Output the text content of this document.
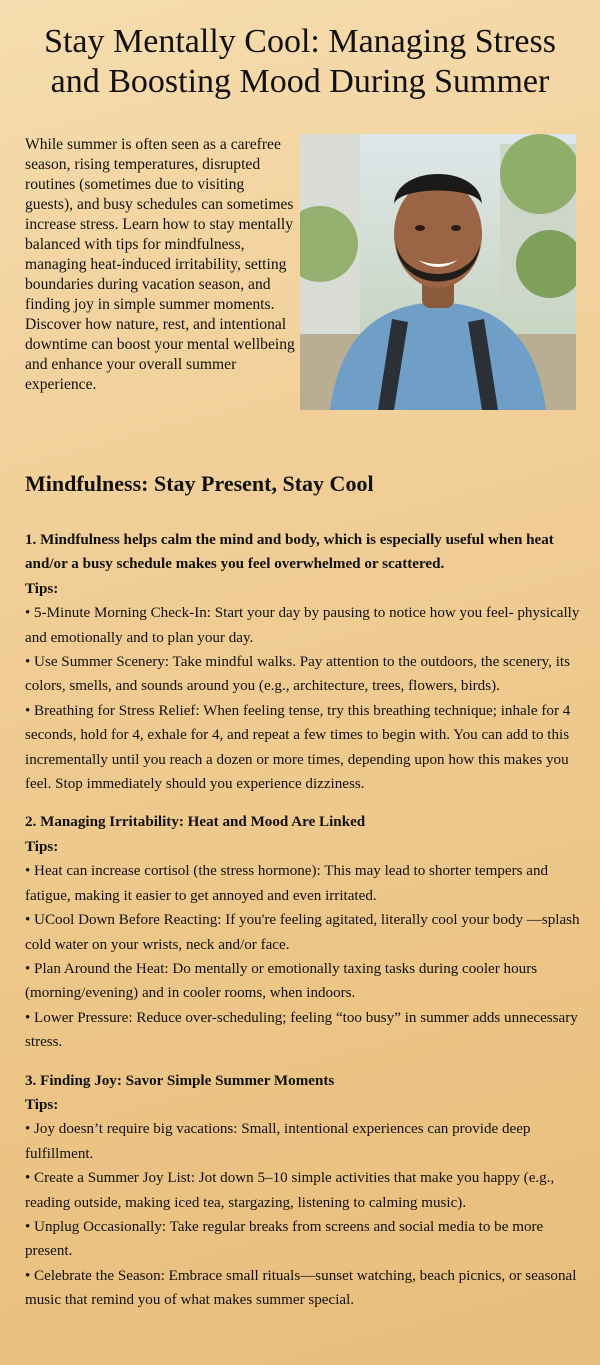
Stay Mentally Cool: Managing Stress and Boosting Mood During Summer

While summer is often seen as a carefree season, rising temperatures, disrupted routines (sometimes due to visiting guests), and busy schedules can sometimes increase stress. Learn how to stay mentally balanced with tips for mindfulness, managing heat-induced irritability, setting boundaries during vacation season, and finding joy in simple summer moments. Discover how nature, rest, and intentional downtime can boost your mental wellbeing and enhance your overall summer experience.

Mindfulness: Stay Present, Stay Cool

1. Mindfulness helps calm the mind and body, which is especially useful when heat and/or a busy schedule makes you feel overwhelmed or scattered.

Tips:

• 5-Minute Morning Check-In: Start your day by pausing to notice how you feel- physically and emotionally and to plan your day.

• Use Summer Scenery: Take mindful walks. Pay attention to the outdoors, the scenery, its colors, smells, and sounds around you (e.g., architecture, trees, flowers, birds).

• Breathing for Stress Relief: When feeling tense, try this breathing technique; inhale for 4 seconds, hold for 4, exhale for 4, and repeat a few times to begin with. You can add to this incrementally until you reach a dozen or more times, depending upon how this makes you feel. Stop immediately should you experience dizziness.

2. Managing Irritability: Heat and Mood Are Linked

Tips:

• Heat can increase cortisol (the stress hormone): This may lead to shorter tempers and fatigue, making it easier to get annoyed and even irritated.

• UCool Down Before Reacting: If you're feeling agitated, literally cool your body —splash cold water on your wrists, neck and/or face.

• Plan Around the Heat: Do mentally or emotionally taxing tasks during cooler hours (morning/evening) and in cooler rooms, when indoors.

• Lower Pressure: Reduce over-scheduling; feeling “too busy” in summer adds unnecessary stress.

3. Finding Joy: Savor Simple Summer Moments

Tips:

• Joy doesn’t require big vacations: Small, intentional experiences can provide deep fulfillment.

• Create a Summer Joy List: Jot down 5–10 simple activities that make you happy (e.g., reading outside, making iced tea, stargazing, listening to calming music).

• Unplug Occasionally: Take regular breaks from screens and social media to be more present.

• Celebrate the Season: Embrace small rituals—sunset watching, beach picnics, or seasonal music that remind you of what makes summer special.
